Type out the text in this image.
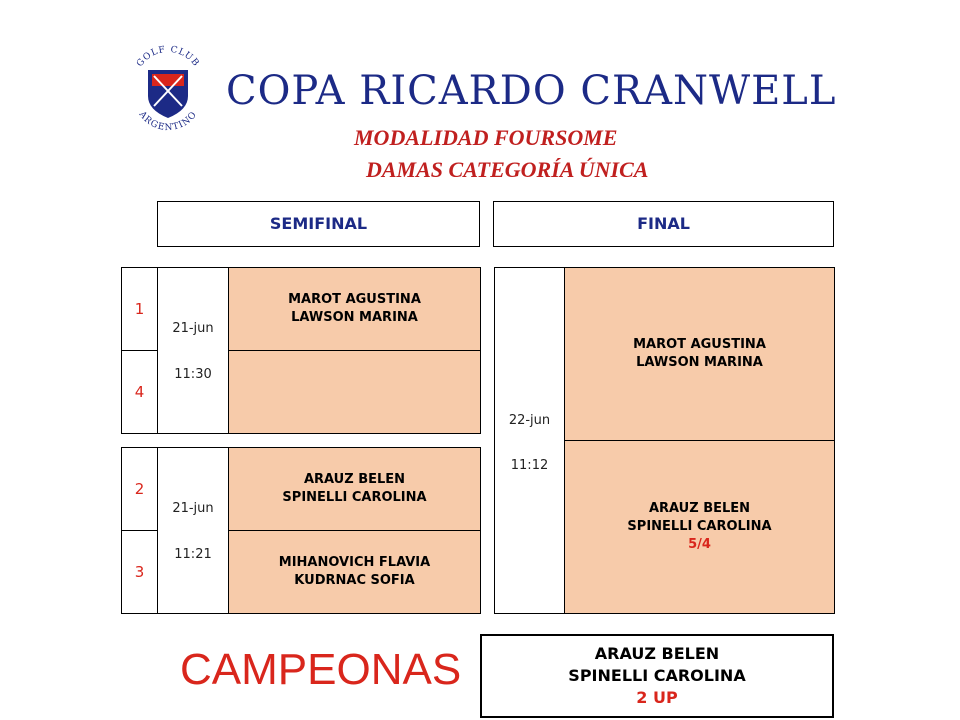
GOLF CLUB
ARGENTINO
COPA RICARDO CRANWELL
MODALIDAD FOURSOME
DAMAS CATEGORÍA ÚNICA
SEMIFINAL	FINAL
1
4
21-jun
11:30
MAROT AGUSTINA
LAWSON MARINA
2
3
21-jun
11:21
ARAUZ BELEN
SPINELLI CAROLINA
MIHANOVICH FLAVIA
KUDRNAC SOFIA
22-jun
11:12
MAROT AGUSTINA
LAWSON MARINA
ARAUZ BELEN
SPINELLI CAROLINA
5/4
CAMPEONAS	ARAUZ BELEN
SPINELLI CAROLINA
2 UP
